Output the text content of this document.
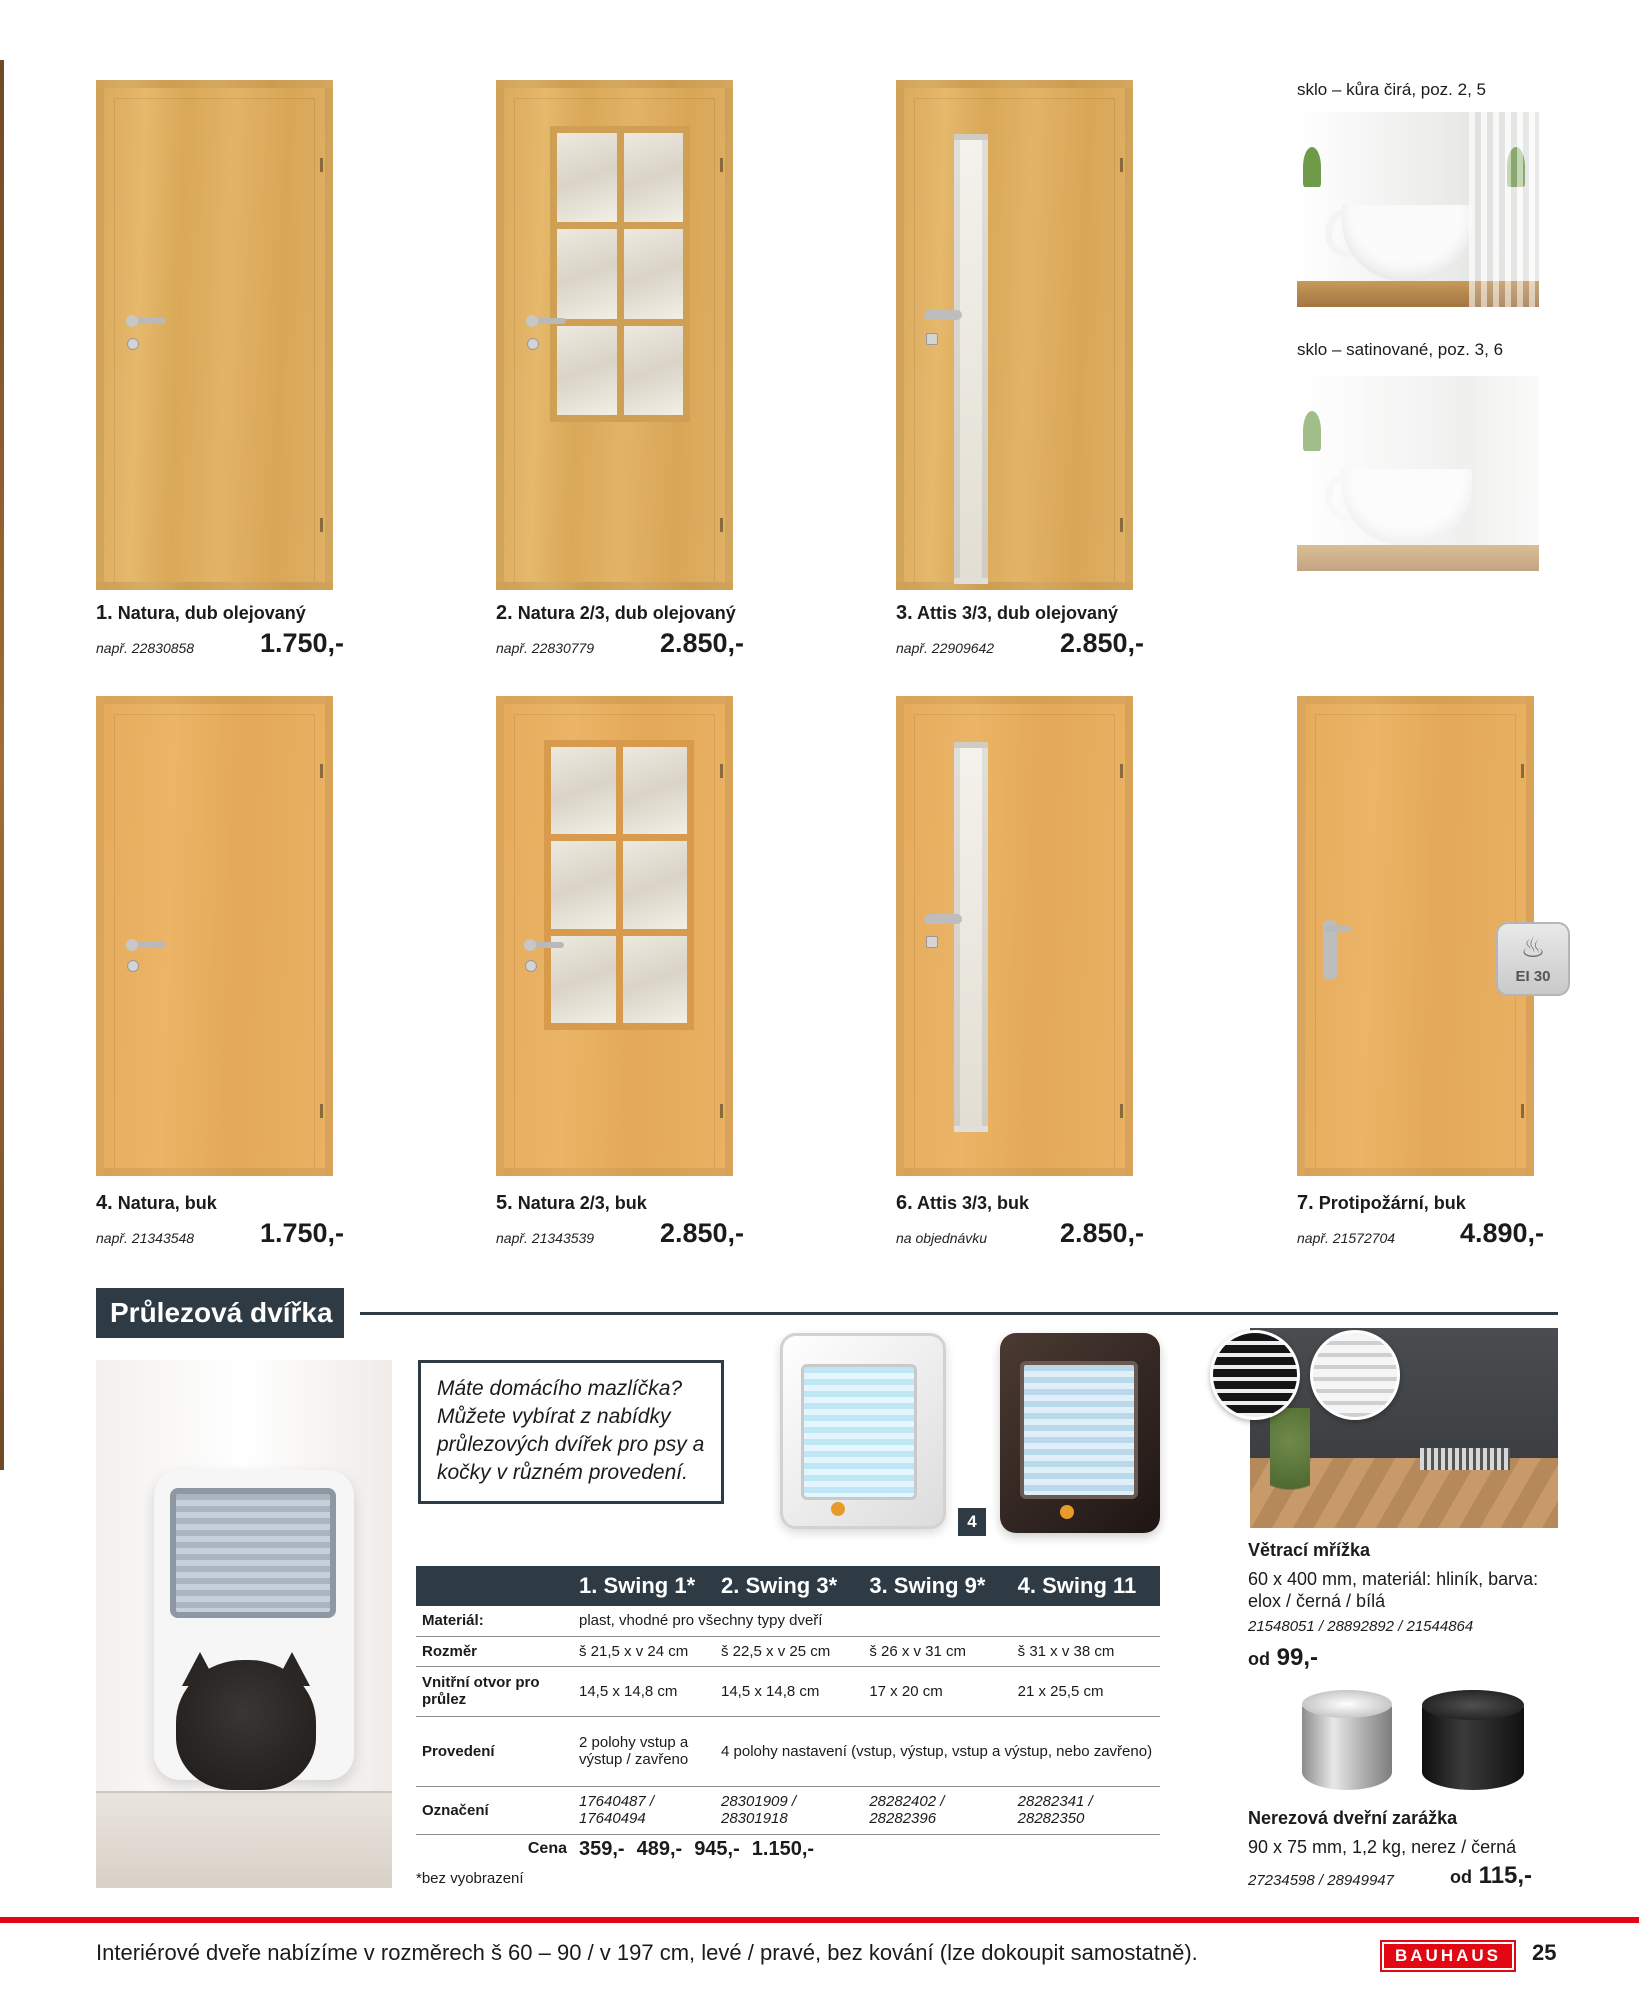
sklo – kůra čirá, poz. 2, 5
sklo – satinované, poz. 3, 6
1. Natura, dub olejovaný
např. 22830858	1.750,-
2. Natura 2/3, dub olejovaný
např. 22830779	2.850,-
3. Attis 3/3, dub olejovaný
např. 22909642	2.850,-
♨
EI 30
4. Natura, buk
např. 21343548	1.750,-
5. Natura 2/3, buk
např. 21343539	2.850,-
6. Attis 3/3, buk
na objednávku	2.850,-
7. Protipožární, buk
např. 21572704	4.890,-
Průlezová dvířka
Máte domácího mazlíčka? Můžete vybírat z nabídky průlezových dvířek pro psy a kočky v různém provedení.
4
	1. Swing 1*	2. Swing 3*	3. Swing 9*	4. Swing 11
Materiál:	plast, vhodné pro všechny typy dveří
Rozměr	š 21,5 x v 24 cm	š 22,5 x v 25 cm	š 26 x v 31 cm	š 31 x v 38 cm
Vnitřní otvor pro průlez	14,5 x 14,8 cm	14,5 x 14,8 cm	17 x 20 cm	21 x 25,5 cm
Provedení	2 polohy vstup a výstup / zavřeno	4 polohy nastavení (vstup, výstup, vstup a výstup, nebo zavřeno)
Označení	17640487 / 17640494	28301909 / 28301918	28282402 / 28282396	28282341 / 28282350

Cena	359,-	489,-	945,-	1.150,-
*bez vyobrazení
Větrací mřížka
60 x 400 mm, materiál: hliník, barva: elox / černá / bílá
21548051 / 28892892 / 21544864
od 99,-
Nerezová dveřní zarážka
90 x 75 mm, 1,2 kg, nerez / černá
27234598 / 28949947	od 115,-
Interiérové dveře nabízíme v rozměrech š 60 – 90 / v 197 cm, levé / pravé, bez kování (lze dokoupit samostatně).	BAUHAUS	25
